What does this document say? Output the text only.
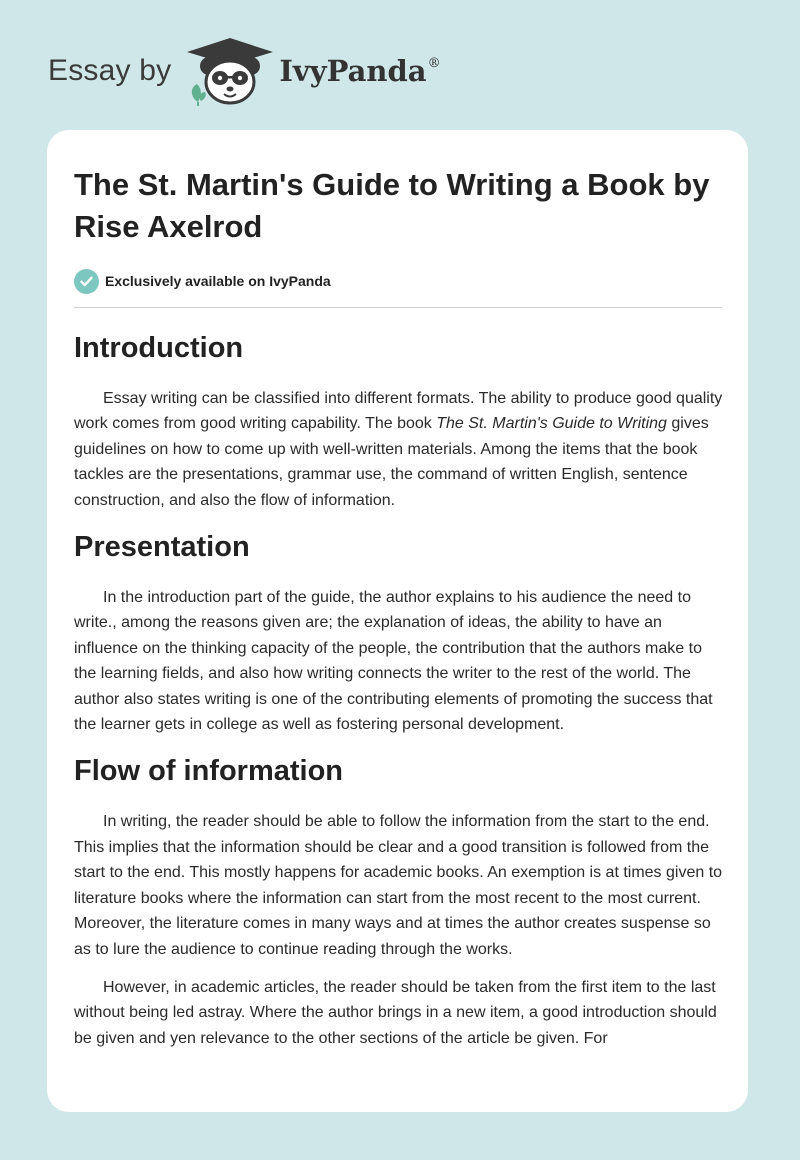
Essay by	IvyPanda®
The St. Martin's Guide to Writing a Book by Rise Axelrod
Exclusively available on IvyPanda
Introduction

Essay writing can be classified into different formats. The ability to produce good quality work comes from good writing capability. The book The St. Martin's Guide to Writing gives guidelines on how to come up with well-written materials. Among the items that the book tackles are the presentations, grammar use, the command of written English, sentence construction, and also the flow of information.

Presentation

In the introduction part of the guide, the author explains to his audience the need to write., among the reasons given are; the explanation of ideas, the ability to have an influence on the thinking capacity of the people, the contribution that the authors make to the learning fields, and also how writing connects the writer to the rest of the world. The author also states writing is one of the contributing elements of promoting the success that the learner gets in college as well as fostering personal development.

Flow of information

In writing, the reader should be able to follow the information from the start to the end. This implies that the information should be clear and a good transition is followed from the start to the end. This mostly happens for academic books. An exemption is at times given to literature books where the information can start from the most recent to the most current. Moreover, the literature comes in many ways and at times the author creates suspense so as to lure the audience to continue reading through the works.

However, in academic articles, the reader should be taken from the first item to the last without being led astray. Where the author brings in a new item, a good introduction should be given and yen relevance to the other sections of the article be given. For
